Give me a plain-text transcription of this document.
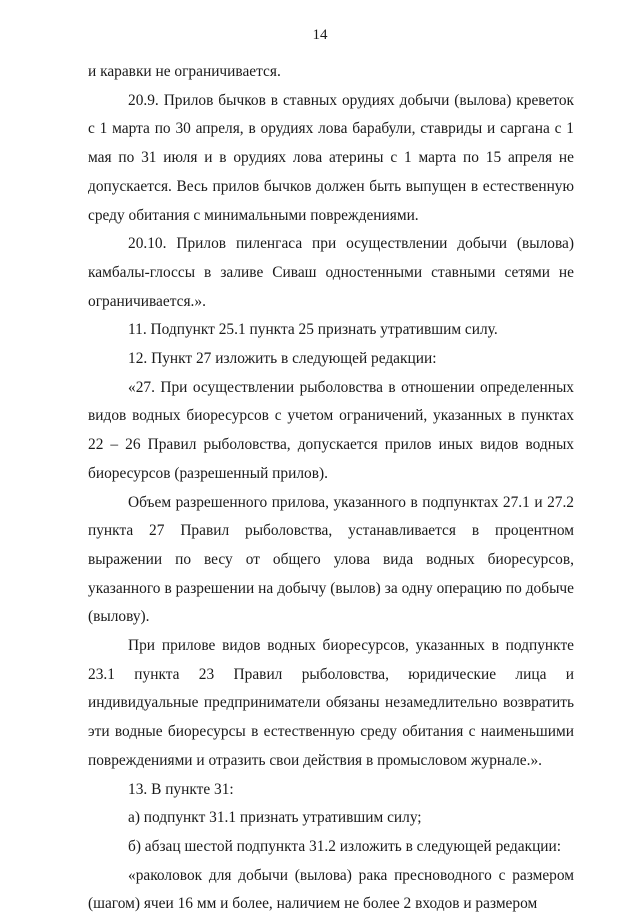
14

и каравки не ограничивается.

20.9. Прилов бычков в ставных орудиях добычи (вылова) креветок с 1 марта по 30 апреля, в орудиях лова барабули, ставриды и саргана с 1 мая по 31 июля и в орудиях лова атерины с 1 марта по 15 апреля не допускается. Весь прилов бычков должен быть выпущен в естественную среду обитания с минимальными повреждениями.

20.10. Прилов пиленгаса при осуществлении добычи (вылова) камбалы-глоссы в заливе Сиваш одностенными ставными сетями не ограничивается.».

11. Подпункт 25.1 пункта 25 признать утратившим силу.

12. Пункт 27 изложить в следующей редакции:

«27. При осуществлении рыболовства в отношении определенных видов водных биоресурсов с учетом ограничений, указанных в пунктах 22 – 26 Правил рыболовства, допускается прилов иных видов водных биоресурсов (разрешенный прилов).

Объем разрешенного прилова, указанного в подпунктах 27.1 и 27.2 пункта 27 Правил рыболовства, устанавливается в процентном выражении по весу от общего улова вида водных биоресурсов, указанного в разрешении на добычу (вылов) за одну операцию по добыче (вылову).

При прилове видов водных биоресурсов, указанных в подпункте 23.1 пункта 23 Правил рыболовства, юридические лица и индивидуальные предприниматели обязаны незамедлительно возвратить эти водные биоресурсы в естественную среду обитания с наименьшими повреждениями и отразить свои действия в промысловом журнале.».

13. В пункте 31:

а) подпункт 31.1 признать утратившим силу;

б) абзац шестой подпункта 31.2 изложить в следующей редакции:

«раколовок для добычи (вылова) рака пресноводного с размером (шагом) ячеи 16 мм и более, наличием не более 2 входов и размером
